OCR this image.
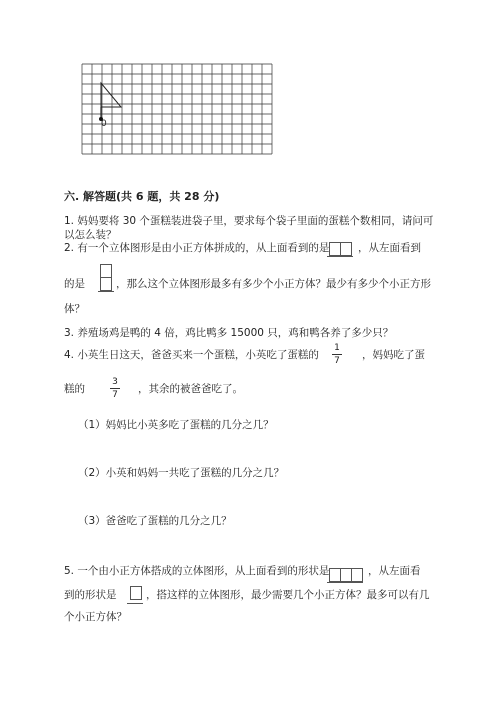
0
六. 解答题(共 6 题，共 28 分)
1. 妈妈要将 30 个蛋糕装进袋子里，要求每个袋子里面的蛋糕个数相同，请问可
以怎么装？
2. 有一个立体图形是由小正方体拼成的，从上面看到的是	，从左面看到
的是	，那么这个立体图形最多有多少个小正方体？最少有多少个小正方形
体？
3. 养殖场鸡是鸭的 4 倍，鸡比鸭多 15000 只，鸡和鸭各养了多少只？
4. 小英生日这天，爸爸买来一个蛋糕，小英吃了蛋糕的
1
7	，妈妈吃了蛋
糕的
3
7	，其余的被爸爸吃了。
（1）妈妈比小英多吃了蛋糕的几分之几？
（2）小英和妈妈一共吃了蛋糕的几分之几？
（3）爸爸吃了蛋糕的几分之几？
5. 一个由小正方体搭成的立体图形，从上面看到的形状是	，从左面看
到的形状是	，搭这样的立体图形，最少需要几个小正方体？最多可以有几
个小正方体？
